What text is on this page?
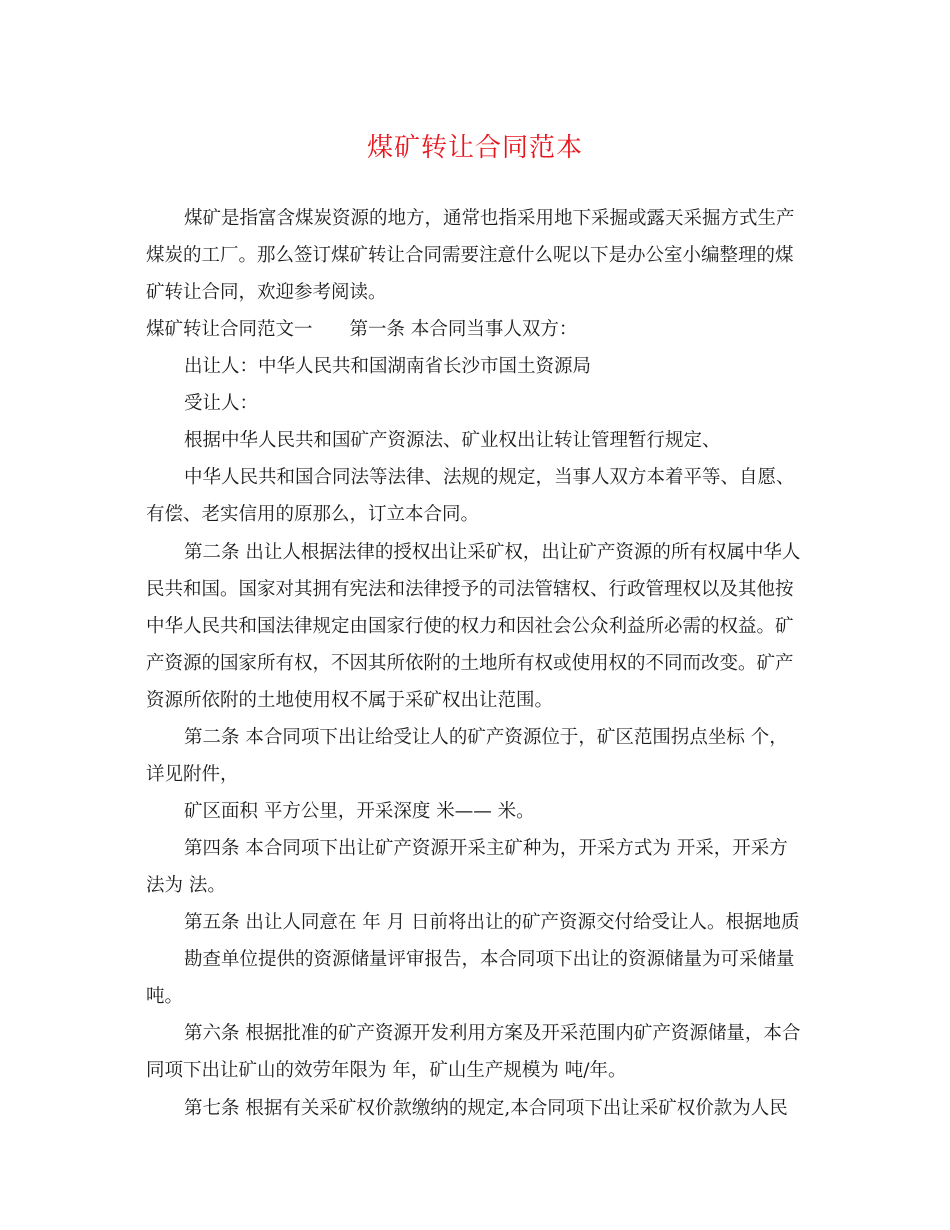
煤矿转让合同范本
煤矿是指富含煤炭资源的地方，通常也指采用地下采掘或露天采掘方式生产
煤炭的工厂。那么签订煤矿转让合同需要注意什么呢以下是办公室小编整理的煤
矿转让合同，欢迎参考阅读。
煤矿转让合同范文一　　第一条 本合同当事人双方：
出让人：中华人民共和国湖南省长沙市国土资源局
受让人：
根据中华人民共和国矿产资源法、矿业权出让转让管理暂行规定、
中华人民共和国合同法等法律、法规的规定，当事人双方本着平等、自愿、
有偿、老实信用的原那么，订立本合同。
第二条 出让人根据法律的授权出让采矿权，出让矿产资源的所有权属中华人
民共和国。国家对其拥有宪法和法律授予的司法管辖权、行政管理权以及其他按
中华人民共和国法律规定由国家行使的权力和因社会公众利益所必需的权益。矿
产资源的国家所有权，不因其所依附的土地所有权或使用权的不同而改变。矿产
资源所依附的土地使用权不属于采矿权出让范围。
第二条 本合同项下出让给受让人的矿产资源位于，矿区范围拐点坐标 个，
详见附件，
矿区面积 平方公里，开采深度 米—— 米。
第四条 本合同项下出让矿产资源开采主矿种为，开采方式为 开采，开采方
法为 法。
第五条 出让人同意在 年 月 日前将出让的矿产资源交付给受让人。根据地质
勘查单位提供的资源储量评审报告，本合同项下出让的资源储量为可采储量
吨。
第六条 根据批准的矿产资源开发利用方案及开采范围内矿产资源储量，本合
同项下出让矿山的效劳年限为 年，矿山生产规模为 吨/年。
第七条 根据有关采矿权价款缴纳的规定,本合同项下出让采矿权价款为人民
